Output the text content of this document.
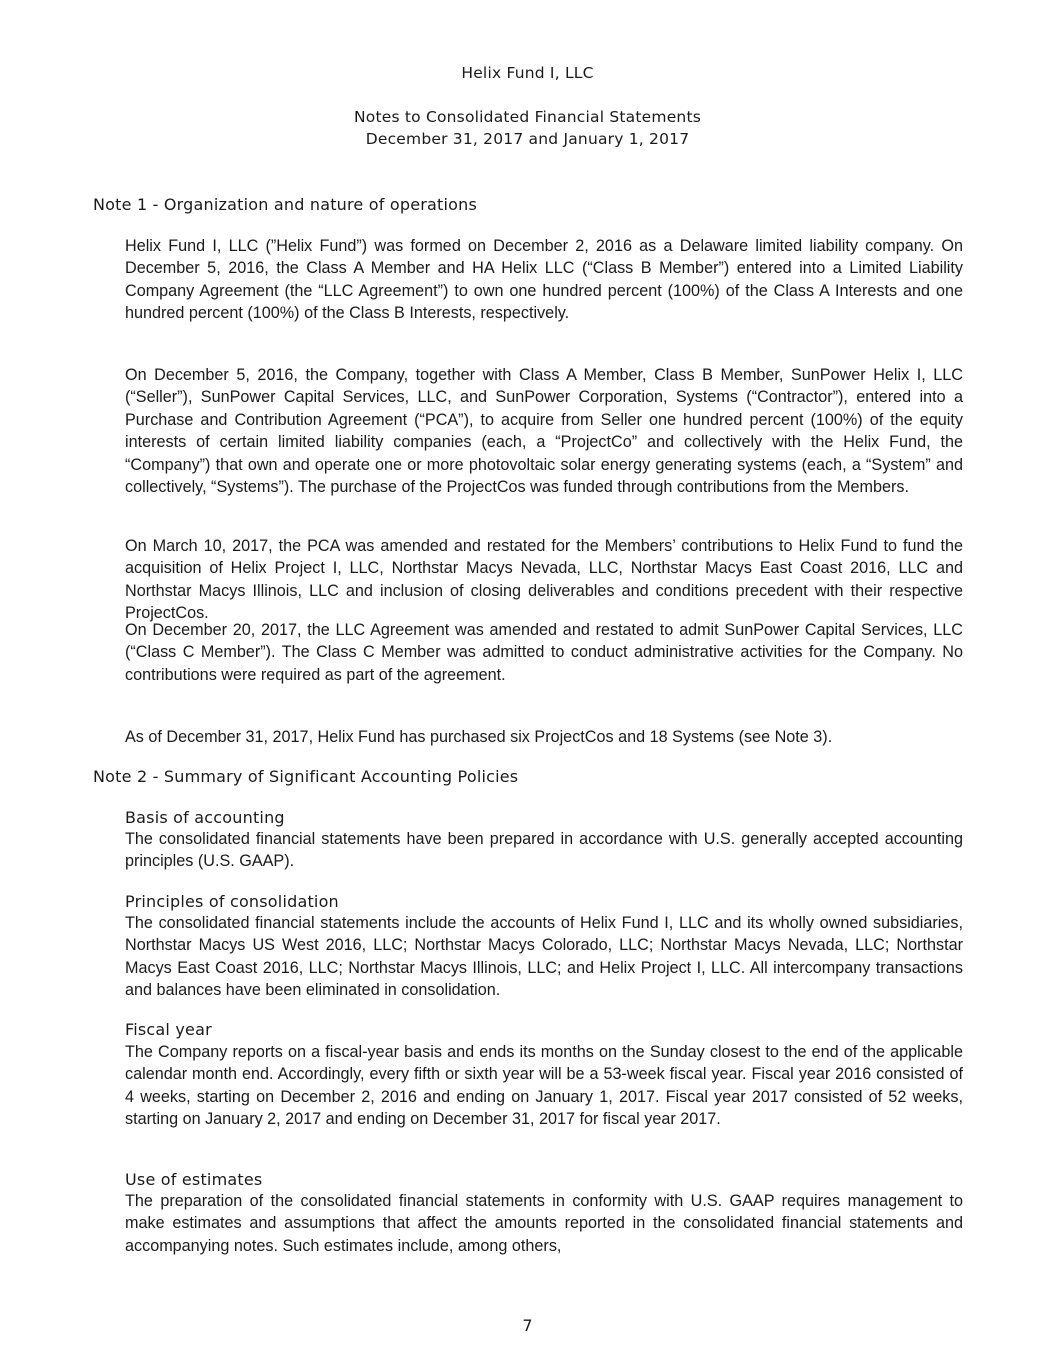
Helix Fund I, LLC
Notes to Consolidated Financial Statements
December 31, 2017 and January 1, 2017
Note 1 - Organization and nature of operations

Helix Fund I, LLC (”Helix Fund”) was formed on December 2, 2016 as a Delaware limited liability company. On December 5, 2016, the Class A Member and HA Helix LLC (“Class B Member”) entered into a Limited Liability Company Agreement (the “LLC Agreement”) to own one hundred percent (100%) of the Class A Interests and one hundred percent (100%) of the Class B Interests, respectively.

On December 5, 2016, the Company, together with Class A Member, Class B Member, SunPower Helix I, LLC (“Seller”), SunPower Capital Services, LLC, and SunPower Corporation, Systems (“Contractor”), entered into a Purchase and Contribution Agreement (“PCA”), to acquire from Seller one hundred percent (100%) of the equity interests of certain limited liability companies (each, a “ProjectCo” and collectively with the Helix Fund, the “Company”) that own and operate one or more photovoltaic solar energy generating systems (each, a “System” and collectively, “Systems”). The purchase of the ProjectCos was funded through contributions from the Members.

On March 10, 2017, the PCA was amended and restated for the Members’ contributions to Helix Fund to fund the acquisition of Helix Project I, LLC, Northstar Macys Nevada, LLC, Northstar Macys East Coast 2016, LLC and Northstar Macys Illinois, LLC and inclusion of closing deliverables and conditions precedent with their respective ProjectCos.

On December 20, 2017, the LLC Agreement was amended and restated to admit SunPower Capital Services, LLC (“Class C Member”). The Class C Member was admitted to conduct administrative activities for the Company. No contributions were required as part of the agreement.

As of December 31, 2017, Helix Fund has purchased six ProjectCos and 18 Systems (see Note 3).

Note 2 - Summary of Significant Accounting Policies
Basis of accounting

The consolidated financial statements have been prepared in accordance with U.S. generally accepted accounting principles (U.S. GAAP).

Principles of consolidation

The consolidated financial statements include the accounts of Helix Fund I, LLC and its wholly owned subsidiaries, Northstar Macys US West 2016, LLC; Northstar Macys Colorado, LLC; Northstar Macys Nevada, LLC; Northstar Macys East Coast 2016, LLC; Northstar Macys Illinois, LLC; and Helix Project I, LLC. All intercompany transactions and balances have been eliminated in consolidation.

Fiscal year

The Company reports on a fiscal-year basis and ends its months on the Sunday closest to the end of the applicable calendar month end. Accordingly, every fifth or sixth year will be a 53-week fiscal year. Fiscal year 2016 consisted of 4 weeks, starting on December 2, 2016 and ending on January 1, 2017. Fiscal year 2017 consisted of 52 weeks, starting on January 2, 2017 and ending on December 31, 2017 for fiscal year 2017.

Use of estimates

The preparation of the consolidated financial statements in conformity with U.S. GAAP requires management to make estimates and assumptions that affect the amounts reported in the consolidated financial statements and accompanying notes. Such estimates include, among others,

7
